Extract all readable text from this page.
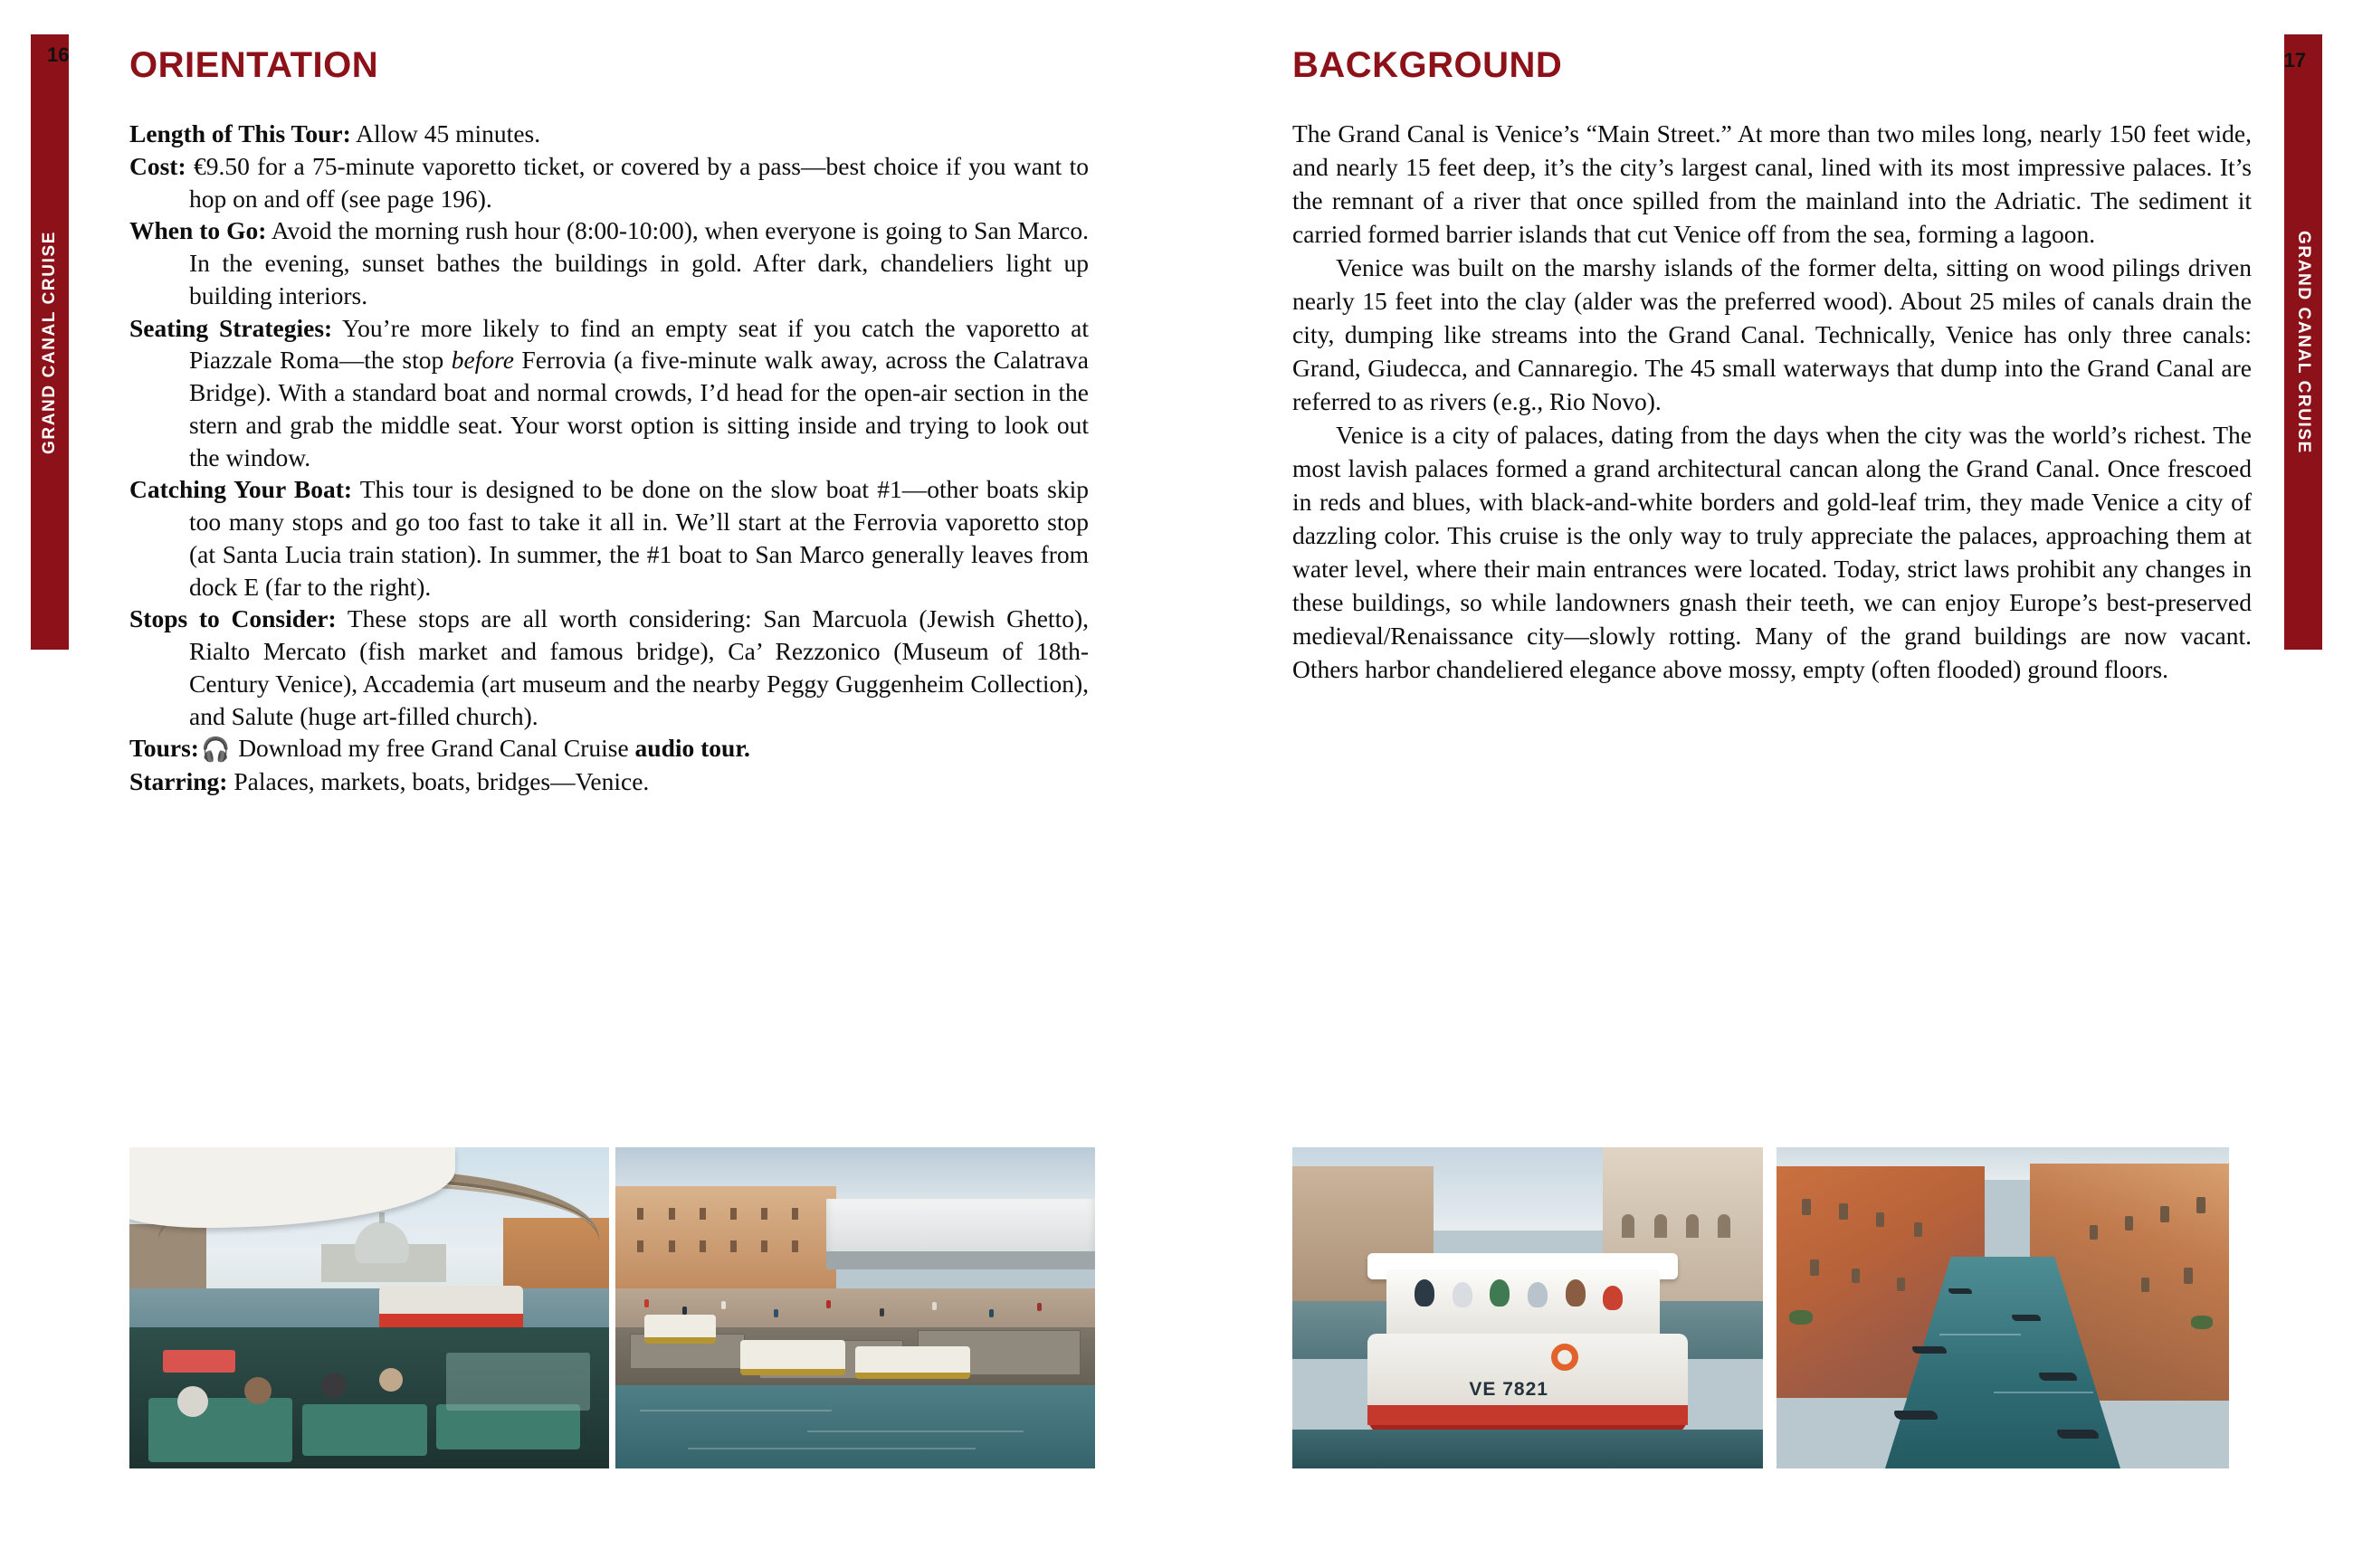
GRAND CANAL CRUISE
16
GRAND CANAL CRUISE
17
ORIENTATION

Length of This Tour: Allow 45 minutes.

Cost: €9.50 for a 75-minute vaporetto ticket, or covered by a pass—best choice if you want to hop on and off (see page 196).

When to Go: Avoid the morning rush hour (8:00-10:00), when everyone is going to San Marco. In the evening, sunset bathes the buildings in gold. After dark, chandeliers light up building interiors.

Seating Strategies: You’re more likely to find an empty seat if you catch the vaporetto at Piazzale Roma—the stop before Ferrovia (a five-minute walk away, across the Calatrava Bridge). With a standard boat and normal crowds, I’d head for the open-air section in the stern and grab the middle seat. Your worst option is sitting inside and trying to look out the window.

Catching Your Boat: This tour is designed to be done on the slow boat #1—other boats skip too many stops and go too fast to take it all in. We’ll start at the Ferrovia vaporetto stop (at Santa Lucia train station). In summer, the #1 boat to San Marco generally leaves from dock E (far to the right).

Stops to Consider: These stops are all worth considering: San Marcuola (Jewish Ghetto), Rialto Mercato (fish market and famous bridge), Ca’ Rezzonico (Museum of 18th-Century Venice), Accademia (art museum and the nearby Peggy Guggenheim Collection), and Salute (huge art-filled church).

Tours:🎧 Download my free Grand Canal Cruise audio tour.

Starring: Palaces, markets, boats, bridges—Venice.

BACKGROUND

The Grand Canal is Venice’s “Main Street.” At more than two miles long, nearly 150 feet wide, and nearly 15 feet deep, it’s the city’s largest canal, lined with its most impressive palaces. It’s the remnant of a river that once spilled from the mainland into the Adriatic. The sediment it carried formed barrier islands that cut Venice off from the sea, forming a lagoon.

Venice was built on the marshy islands of the former delta, sitting on wood pilings driven nearly 15 feet into the clay (alder was the preferred wood). About 25 miles of canals drain the city, dumping like streams into the Grand Canal. Technically, Venice has only three canals: Grand, Giudecca, and Cannaregio. The 45 small waterways that dump into the Grand Canal are referred to as rivers (e.g., Rio Novo).

Venice is a city of palaces, dating from the days when the city was the world’s richest. The most lavish palaces formed a grand architectural cancan along the Grand Canal. Once frescoed in reds and blues, with black-and-white borders and gold-leaf trim, they made Venice a city of dazzling color. This cruise is the only way to truly appreciate the palaces, approaching them at water level, where their main entrances were located. Today, strict laws prohibit any changes in these buildings, so while landowners gnash their teeth, we can enjoy Europe’s best-preserved medieval/Renaissance city—slowly rotting. Many of the grand buildings are now vacant. Others harbor chandeliered elegance above mossy, empty (often flooded) ground floors.

VE 7821
